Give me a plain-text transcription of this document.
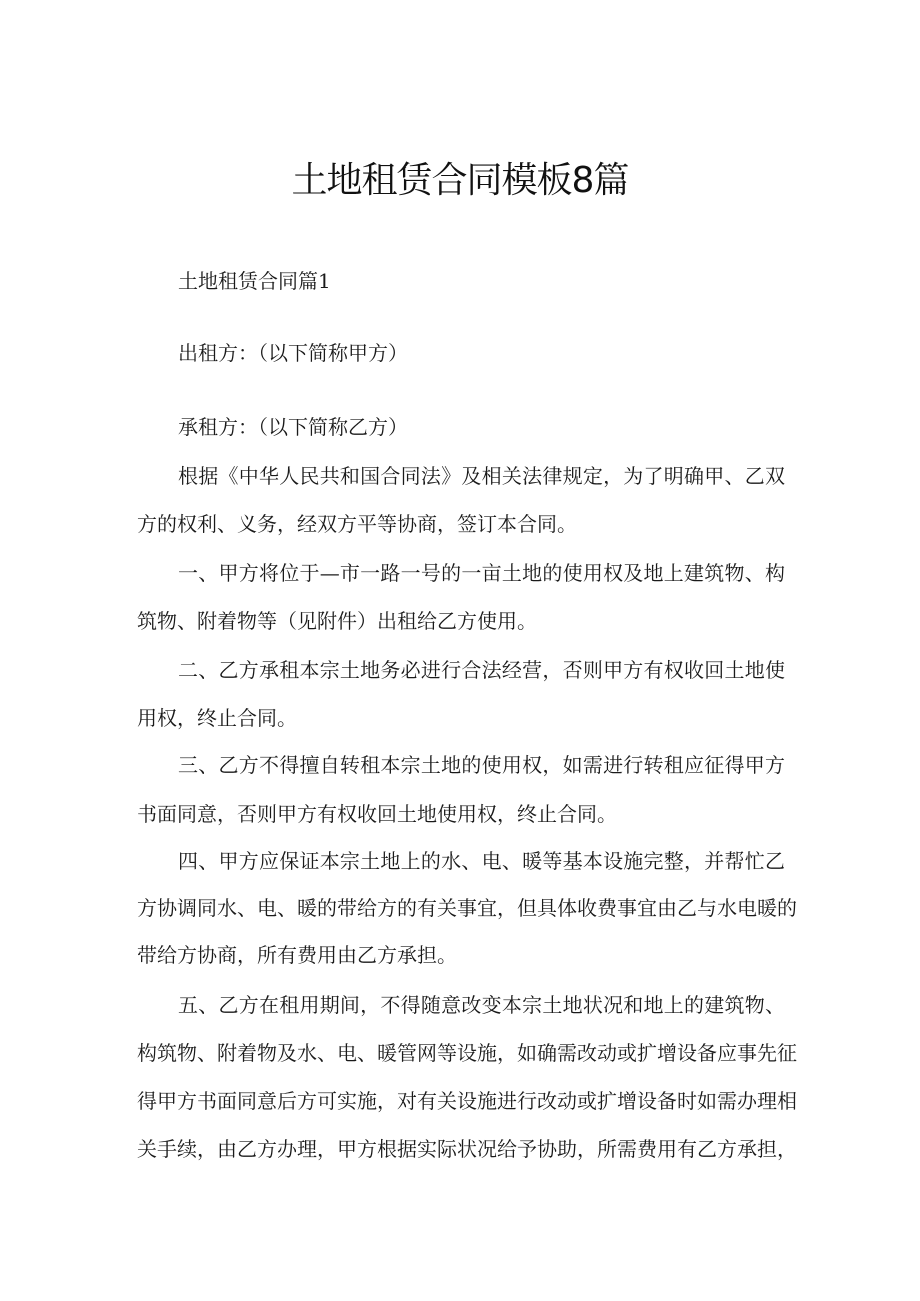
土地租赁合同模板8篇

土地租赁合同篇1

出租方：（以下简称甲方）

承租方：（以下简称乙方）

根据《中华人民共和国合同法》及相关法律规定，为了明确甲、乙双

方的权利、义务，经双方平等协商，签订本合同。

一、甲方将位于—市一路一号的一亩土地的使用权及地上建筑物、构

筑物、附着物等（见附件）出租给乙方使用。

二、乙方承租本宗土地务必进行合法经营，否则甲方有权收回土地使

用权，终止合同。

三、乙方不得擅自转租本宗土地的使用权，如需进行转租应征得甲方

书面同意，否则甲方有权收回土地使用权，终止合同。

四、甲方应保证本宗土地上的水、电、暖等基本设施完整，并帮忙乙

方协调同水、电、暖的带给方的有关事宜，但具体收费事宜由乙与水电暖的

带给方协商，所有费用由乙方承担。

五、乙方在租用期间，不得随意改变本宗土地状况和地上的建筑物、

构筑物、附着物及水、电、暖管网等设施，如确需改动或扩增设备应事先征

得甲方书面同意后方可实施，对有关设施进行改动或扩增设备时如需办理相

关手续，由乙方办理，甲方根据实际状况给予协助，所需费用有乙方承担，
